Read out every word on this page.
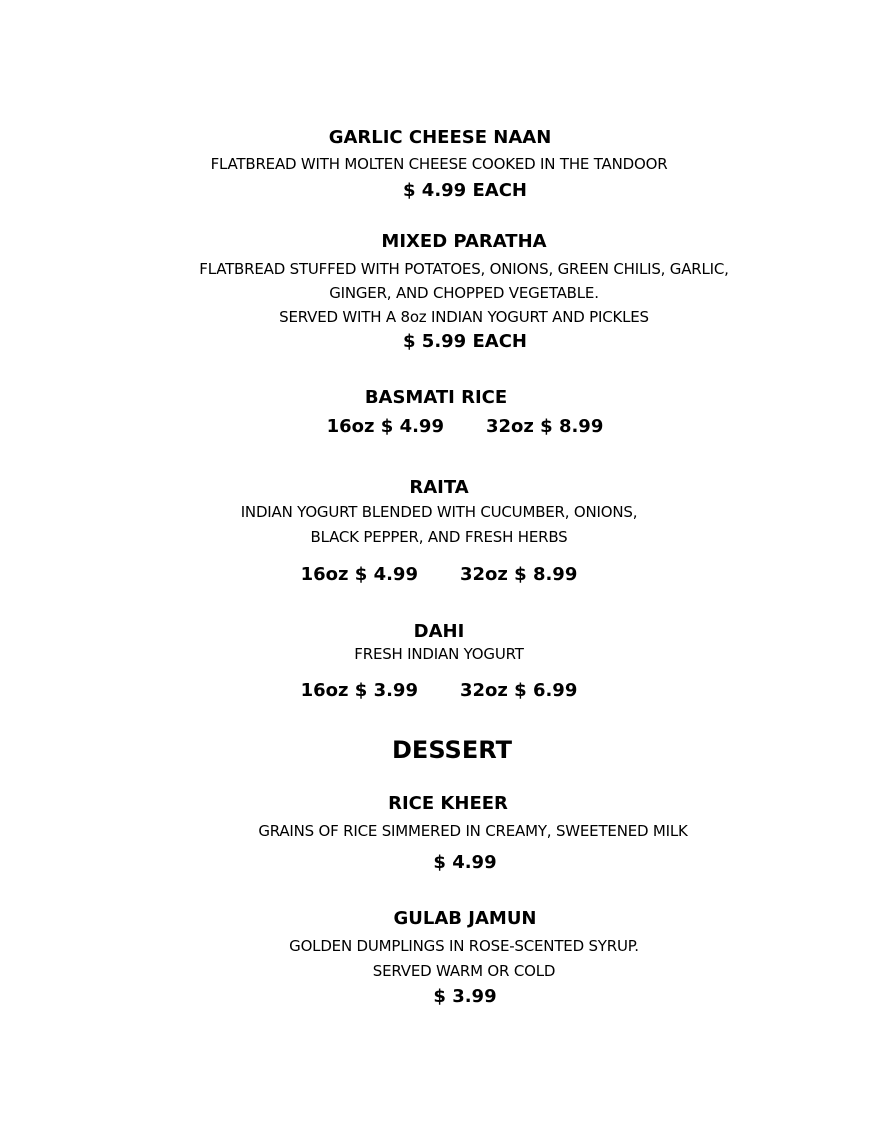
GARLIC CHEESE NAAN
FLATBREAD WITH MOLTEN CHEESE COOKED IN THE TANDOOR
$ 4.99 EACH
MIXED PARATHA
FLATBREAD STUFFED WITH POTATOES, ONIONS, GREEN CHILIS, GARLIC,
GINGER, AND CHOPPED VEGETABLE.
SERVED WITH A 8oz INDIAN YOGURT AND PICKLES
$ 5.99 EACH
BASMATI RICE
16oz $ 4.99 32oz $ 8.99
RAITA
INDIAN YOGURT BLENDED WITH CUCUMBER, ONIONS,
BLACK PEPPER, AND FRESH HERBS
16oz $ 4.99 32oz $ 8.99
DAHI
FRESH INDIAN YOGURT
16oz $ 3.99 32oz $ 6.99
DESSERT
RICE KHEER
GRAINS OF RICE SIMMERED IN CREAMY, SWEETENED MILK
$ 4.99
GULAB JAMUN
GOLDEN DUMPLINGS IN ROSE-SCENTED SYRUP.
SERVED WARM OR COLD
$ 3.99
